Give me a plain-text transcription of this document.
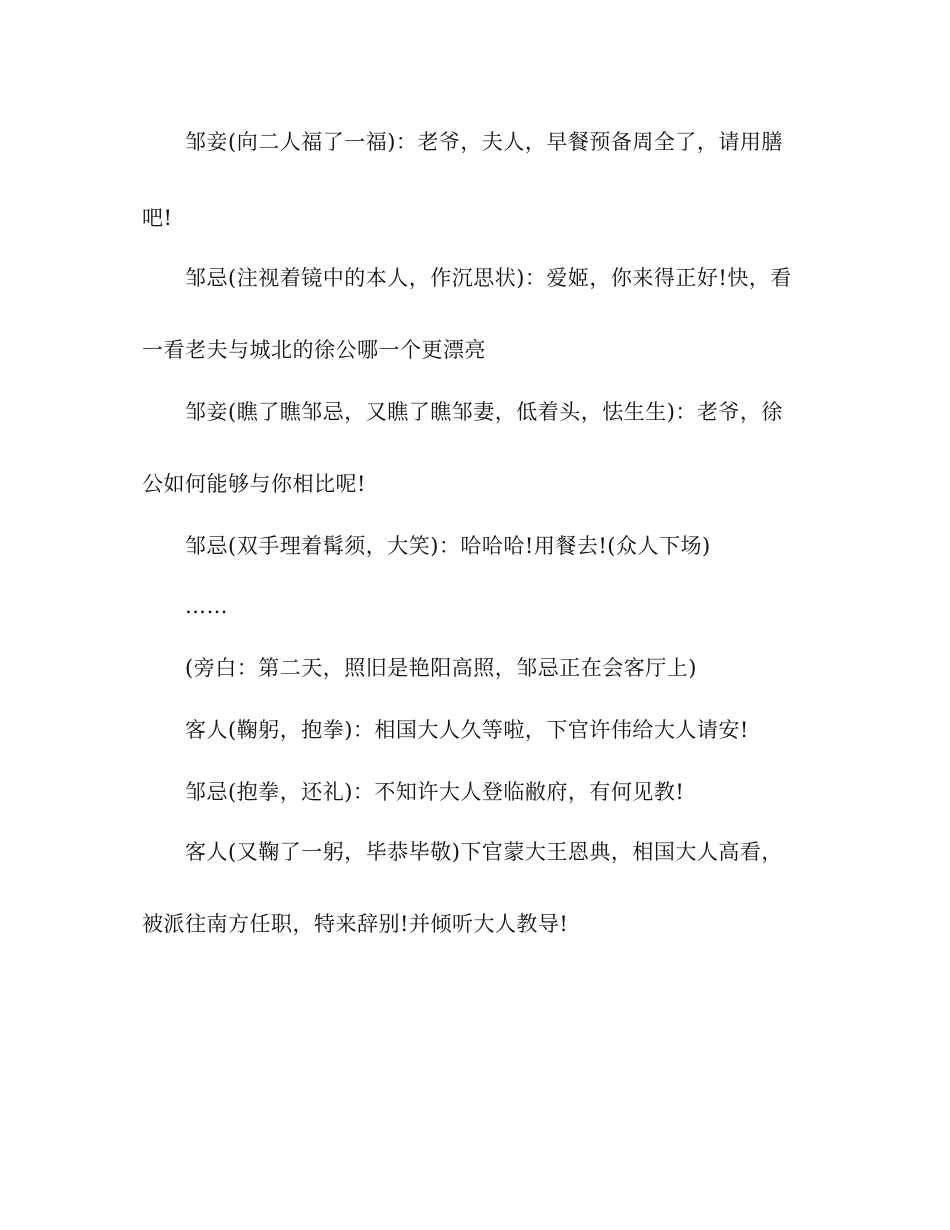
邹妾(向二人福了一福)：老爷，夫人，早餐预备周全了，请用膳
吧!
邹忌(注视着镜中的本人，作沉思状)：爱姬，你来得正好!快，看
一看老夫与城北的徐公哪一个更漂亮
邹妾(瞧了瞧邹忌，又瞧了瞧邹妻，低着头，怯生生)：老爷，徐
公如何能够与你相比呢!
邹忌(双手理着髯须，大笑)：哈哈哈!用餐去!(众人下场)
……
(旁白：第二天，照旧是艳阳高照，邹忌正在会客厅上)
客人(鞠躬，抱拳)：相国大人久等啦，下官许伟给大人请安!
邹忌(抱拳，还礼)：不知许大人登临敝府，有何见教!
客人(又鞠了一躬，毕恭毕敬)下官蒙大王恩典，相国大人高看，
被派往南方任职，特来辞别!并倾听大人教导!
